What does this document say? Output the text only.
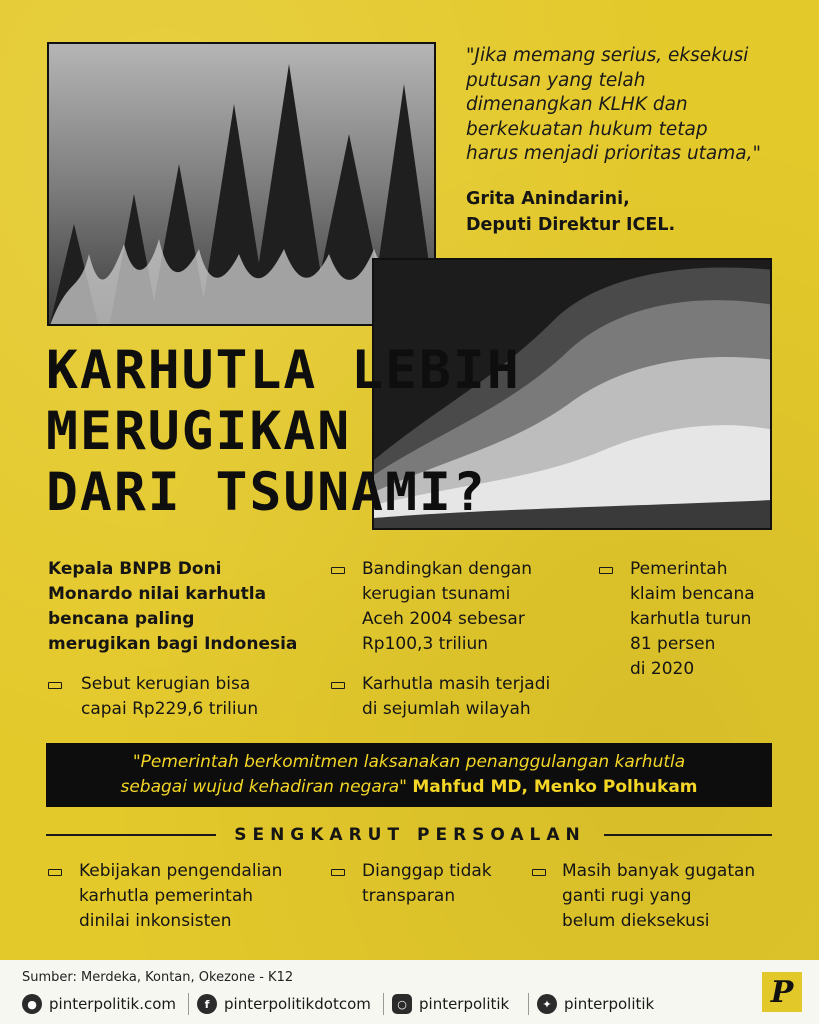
"Jika memang serius, eksekusi
putusan yang telah
dimenangkan KLHK dan
berkekuatan hukum tetap
harus menjadi prioritas utama,"
Grita Anindarini,
Deputi Direktur ICEL.
KARHUTLA LEBIH
MERUGIKAN
DARI TSUNAMI?
Kepala BNPB Doni
Monardo nilai karhutla
bencana paling
merugikan bagi Indonesia
Sebut kerugian bisa
capai Rp229,6 triliun
Bandingkan dengan
kerugian tsunami
Aceh 2004 sebesar
Rp100,3 triliun
Karhutla masih terjadi
di sejumlah wilayah
Pemerintah
klaim bencana
karhutla turun
81 persen
di 2020
"Pemerintah berkomitmen laksanakan penanggulangan karhutla
sebagai wujud kehadiran negara" Mahfud MD, Menko Polhukam
SENGKARUT PERSOALAN
Kebijakan pengendalian
karhutla pemerintah
dinilai inkonsisten
Dianggap tidak
transparan
Masih banyak gugatan
ganti rugi yang
belum dieksekusi
Sumber: Merdeka, Kontan, Okezone - K12
● pinterpolitik.com	f pinterpolitikdotcom	○ pinterpolitik	✦ pinterpolitik	P
